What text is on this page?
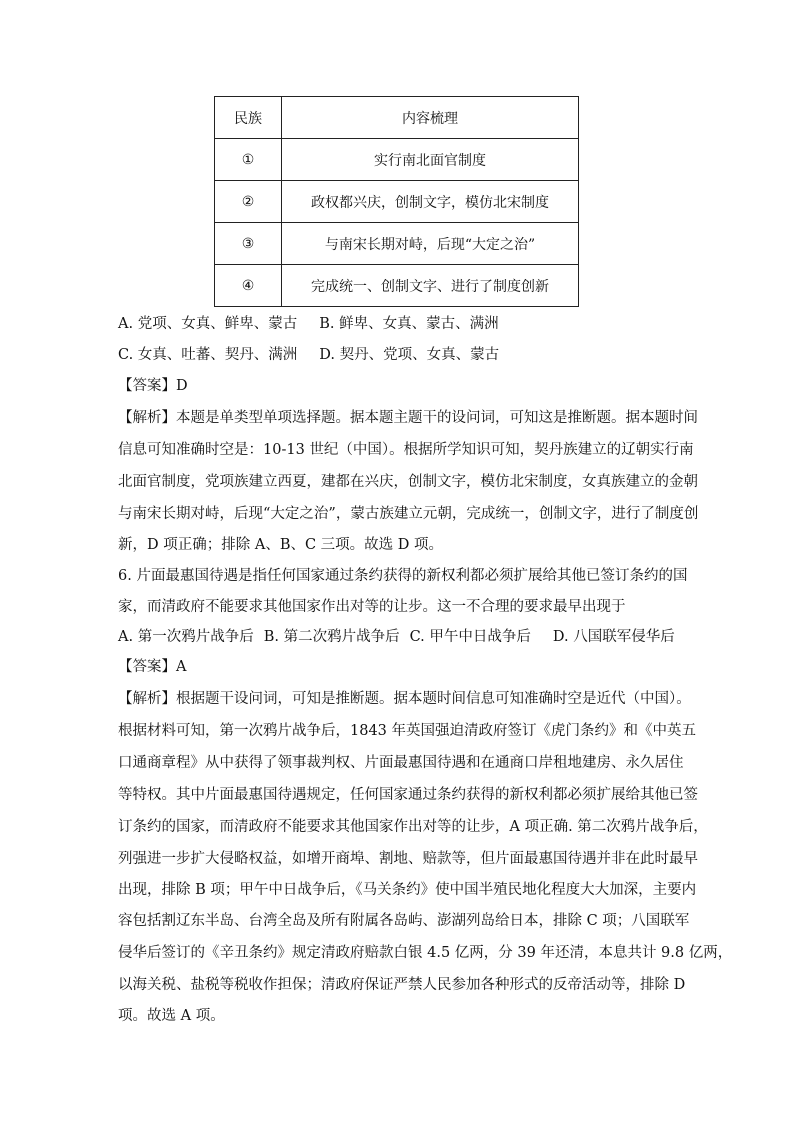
民族	内容梳理
①	实行南北面官制度
②	政权都兴庆，创制文字，模仿北宋制度
③	与南宋长期对峙，后现“大定之治”
④	完成统一、创制文字、进行了制度创新
A. 党项、女真、鲜卑、蒙古 B. 鲜卑、女真、蒙古、满洲
C. 女真、吐蕃、契丹、满洲 D. 契丹、党项、女真、蒙古
【答案】D
【解析】本题是单类型单项选择题。据本题主题干的设问词，可知这是推断题。据本题时间
信息可知准确时空是：10-13 世纪（中国）。根据所学知识可知，契丹族建立的辽朝实行南
北面官制度，党项族建立西夏，建都在兴庆，创制文字，模仿北宋制度，女真族建立的金朝
与南宋长期对峙，后现“大定之治”，蒙古族建立元朝，完成统一，创制文字，进行了制度创
新，D 项正确；排除 A、B、C 三项。故选 D 项。
6. 片面最惠国待遇是指任何国家通过条约获得的新权利都必须扩展给其他已签订条约的国
家，而清政府不能要求其他国家作出对等的让步。这一不合理的要求最早出现于
A. 第一次鸦片战争后 B. 第二次鸦片战争后 C. 甲午中日战争后 D. 八国联军侵华后
【答案】A
【解析】根据题干设问词，可知是推断题。据本题时间信息可知准确时空是近代（中国）。
根据材料可知，第一次鸦片战争后，1843 年英国强迫清政府签订《虎门条约》和《中英五
口通商章程》从中获得了领事裁判权、片面最惠国待遇和在通商口岸租地建房、永久居住
等特权。其中片面最惠国待遇规定，任何国家通过条约获得的新权利都必须扩展给其他已签
订条约的国家，而清政府不能要求其他国家作出对等的让步，A 项正确. 第二次鸦片战争后，
列强进一步扩大侵略权益，如增开商埠、割地、赔款等，但片面最惠国待遇并非在此时最早
出现，排除 B 项；甲午中日战争后，《马关条约》使中国半殖民地化程度大大加深，主要内
容包括割辽东半岛、台湾全岛及所有附属各岛屿、澎湖列岛给日本，排除 C 项；八国联军
侵华后签订的《辛丑条约》规定清政府赔款白银 4.5 亿两，分 39 年还清，本息共计 9.8 亿两，
以海关税、盐税等税收作担保；清政府保证严禁人民参加各种形式的反帝活动等，排除 D
项。故选 A 项。
